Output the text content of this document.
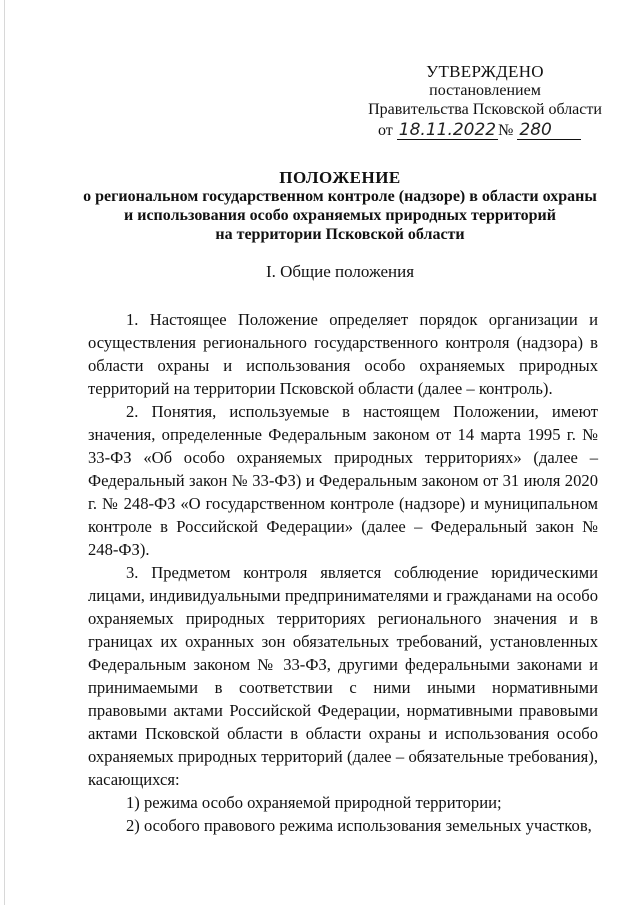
УТВЕРЖДЕНО
постановлением
Правительства Псковской области
от 18.11.2022 № 280
ПОЛОЖЕНИЕ
о региональном государственном контроле (надзоре) в области охраны
и использования особо охраняемых природных территорий
на территории Псковской области
I. Общие положения

1. Настоящее Положение определяет порядок организации и осуществления регионального государственного контроля (надзора) в области охраны и использования особо охраняемых природных территорий на территории Псковской области (далее – контроль).

2. Понятия, используемые в настоящем Положении, имеют значения, определенные Федеральным законом от 14 марта 1995 г. № 33-ФЗ «Об особо охраняемых природных территориях» (далее – Федеральный закон № 33-ФЗ) и Федеральным законом от 31 июля 2020 г. № 248-ФЗ «О государственном контроле (надзоре) и муниципальном контроле в Российской Федерации» (далее – Федеральный закон № 248-ФЗ).

3. Предметом контроля является соблюдение юридическими лицами, индивидуальными предпринимателями и гражданами на особо охраняемых природных территориях регионального значения и в границах их охранных зон обязательных требований, установленных Федеральным законом № 33-ФЗ, другими федеральными законами и принимаемыми в соответствии с ними иными нормативными правовыми актами Российской Федерации, нормативными правовыми актами Псковской области в области охраны и использования особо охраняемых природных территорий (далее – обязательные требования), касающихся:

1) режима особо охраняемой природной территории;

2) особого правового режима использования земельных участков,
